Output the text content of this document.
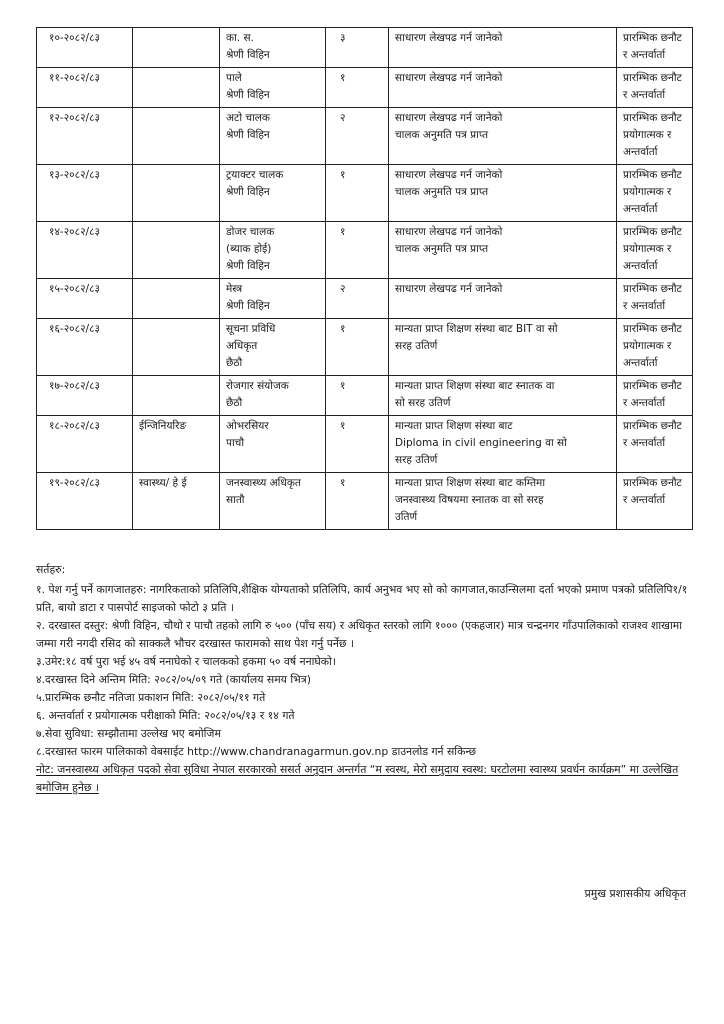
१०-२०८२/८३		का. स.
श्रेणी विहिन	३	साधारण लेखपढ गर्न जानेको	प्रारम्भिक छनौट
र अन्तर्वार्ता

११-२०८२/८३		पाले
श्रेणी विहिन	१	साधारण लेखपढ गर्न जानेको	प्रारम्भिक छनौट
र अन्तर्वार्ता

१२-२०८२/८३		अटो चालक
श्रेणी विहिन	२	साधारण लेखपढ गर्न जानेको
चालक अनुमति पत्र प्राप्त	प्रारम्भिक छनौट
प्रयोगात्मक र
अन्तर्वार्ता

१३-२०८२/८३		ट्रयाक्टर चालक
श्रेणी विहिन	१	साधारण लेखपढ गर्न जानेको
चालक अनुमति पत्र प्राप्त	प्रारम्भिक छनौट
प्रयोगात्मक र
अन्तर्वार्ता

१४-२०८२/८३		डोजर चालक
(ब्याक होई)
श्रेणी विहिन	१	साधारण लेखपढ गर्न जानेको
चालक अनुमति पत्र प्राप्त	प्रारम्भिक छनौट
प्रयोगात्मक र
अन्तर्वार्ता

१५-२०८२/८३		मेस्त्र
श्रेणी विहिन	२	साधारण लेखपढ गर्न जानेको	प्रारम्भिक छनौट
र अन्तर्वार्ता

१६-२०८२/८३		सूचना प्रविधि
अधिकृत
छैठौ	१	मान्यता प्राप्त शिक्षण संस्था बाट BIT वा सो
सरह उतिर्ण	प्रारम्भिक छनौट
प्रयोगात्मक र
अन्तर्वार्ता

१७-२०८२/८३		रोजगार संयोजक
छैठौ	१	मान्यता प्राप्त शिक्षण संस्था बाट स्नातक वा
सो सरह उतिर्ण	प्रारम्भिक छनौट
र अन्तर्वार्ता

१८-२०८२/८३	ईन्जिनियरिङ	ओभरसियर
पाचौ	१	मान्यता प्राप्त शिक्षण संस्था बाट
Diploma in civil engineering वा सो
सरह उतिर्ण	प्रारम्भिक छनौट
र अन्तर्वार्ता

१९-२०८२/८३	स्वास्थ्य/ हे ई	जनस्वास्थ्य अधिकृत
सातौ	१	मान्यता प्राप्त शिक्षण संस्था बाट कम्तिमा
जनस्वास्थ्य विषयमा स्नातक वा सो सरह
उतिर्ण	प्रारम्भिक छनौट
र अन्तर्वार्ता
सर्तहरु:

१. पेश गर्नु पर्ने कागजातहरु: नागरिकताको प्रतिलिपि,शैक्षिक योग्यताको प्रतिलिपि, कार्य अनुभव भए सो को कागजात,काउन्सिलमा दर्ता भएको प्रमाण पत्रको प्रतिलिपि१/१ प्रति, बायो डाटा र पासपोर्ट साइजको फोटो ३ प्रति ।

२. दरखास्त दस्तुर: श्रेणी विहिन, चौथो र पाचौ तहको लागि रु ५०० (पाँच सय) र अधिकृत स्तरको लागि १००० (एकहजार) मात्र चन्द्रनगर गाँउपालिकाको राजश्व शाखामा जम्मा गरी नगदी रसिद को साक्कलै भौचर दरखास्त फारामको साथ पेश गर्नु पर्नेछ ।

३.उमेर:१८ वर्ष पुरा भई ४५ वर्ष ननाघेको र चालकको हकमा ५० वर्ष ननाघेको।

४.दरखास्त दिने अन्तिम मिति: २०८२/०५/०९ गते (कार्यालय समय भित्र)

५.प्रारम्भिक छनौट नतिजा प्रकाशन मिति: २०८२/०५/११ गते

६. अन्तर्वार्ता र प्रयोगात्मक परीक्षाको मिति: २०८२/०५/१३ र १४ गते

७.सेवा सुविधा: सम्झौतामा उल्लेख भए बमोजिम

८.दरखास्त फारम पालिकाको वेबसाईट http://www.chandranagarmun.gov.np डाउनलोड गर्न सकिन्छ

नोट: जनस्वास्थ्य अधिकृत पदको सेवा सुविधा नेपाल सरकारको ससर्त अनुदान अन्तर्गत “म स्वस्थ, मेरो समुदाय स्वस्थ: घरटोलमा स्वास्थ्य प्रवर्धन कार्यक्रम” मा उल्लेखित बमोजिम हुनेछ ।

प्रमुख प्रशासकीय अधिकृत
